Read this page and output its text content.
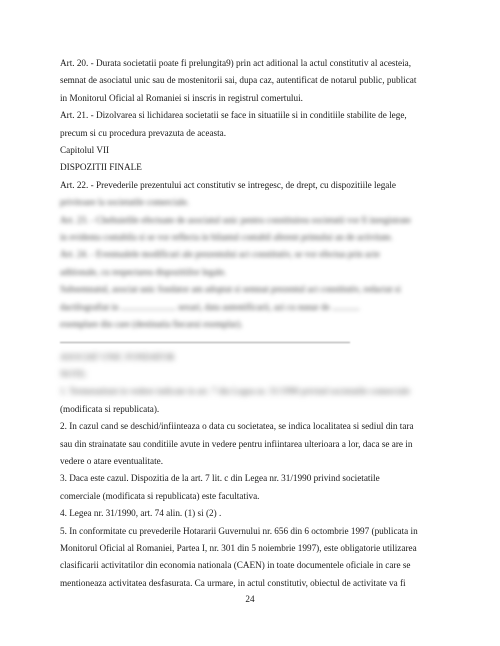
Art. 20. - Durata societatii poate fi prelungita9) prin act aditional la actul constitutiv al acesteia,
semnat de asociatul unic sau de mostenitorii sai, dupa caz, autentificat de notarul public, publicat
in Monitorul Oficial al Romaniei si inscris in registrul comertului.
Art. 21. - Dizolvarea si lichidarea societatii se face in situatiile si in conditiile stabilite de lege,
precum si cu procedura prevazuta de aceasta.
Capitolul VII
DISPOZITII FINALE
Art. 22. - Prevederile prezentului act constitutiv se intregesc, de drept, cu dispozitiile legale
privitoare la societatile comerciale.
Art. 23. - Cheltuielile efectuate de asociatul unic pentru constituirea societatii vor fi inregistrate
in evidenta contabila si se vor reflecta in bilantul contabil aferent primului an de activitate.
Art. 24. - Eventualele modificari ale prezentului act constitutiv, se vor efectua prin acte
aditionale, cu respectarea dispozitiilor legale.
Subsemnatul, asociat unic fondator am adoptat si semnat prezentul act constitutiv, redactat si
dactilografiat in ........................ sexari, data autentificarii, azi cu nunar de ............
exemplare din care (destinatia fiecarui exemplar).
ASOCIAT UNIC FONDATOR
NOTE:
1. Termenatiunt in vedere indicate in art. 7 din Legea nr. 31/1990 privind societatile comerciale
(modificata si republicata).
2. In cazul cand se deschid/infiinteaza o data cu societatea, se indica localitatea si sediul din tara
sau din strainatate sau conditiile avute in vedere pentru infiintarea ulterioara a lor, daca se are in
vedere o atare eventualitate.
3. Daca este cazul. Dispozitia de la art. 7 lit. c din Legea nr. 31/1990 privind societatile
comerciale (modificata si republicata) este facultativa.
4. Legea nr. 31/1990, art. 74 alin. (1) si (2) .
5. In conformitate cu prevederile Hotararii Guvernului nr. 656 din 6 octombrie 1997 (publicata in
Monitorul Oficial al Romaniei, Partea I, nr. 301 din 5 noiembrie 1997), este obligatorie utilizarea
clasificarii activitatilor din economia nationala (CAEN) in toate documentele oficiale in care se
mentioneaza activitatea desfasurata. Ca urmare, in actul constitutiv, obiectul de activitate va fi
24
